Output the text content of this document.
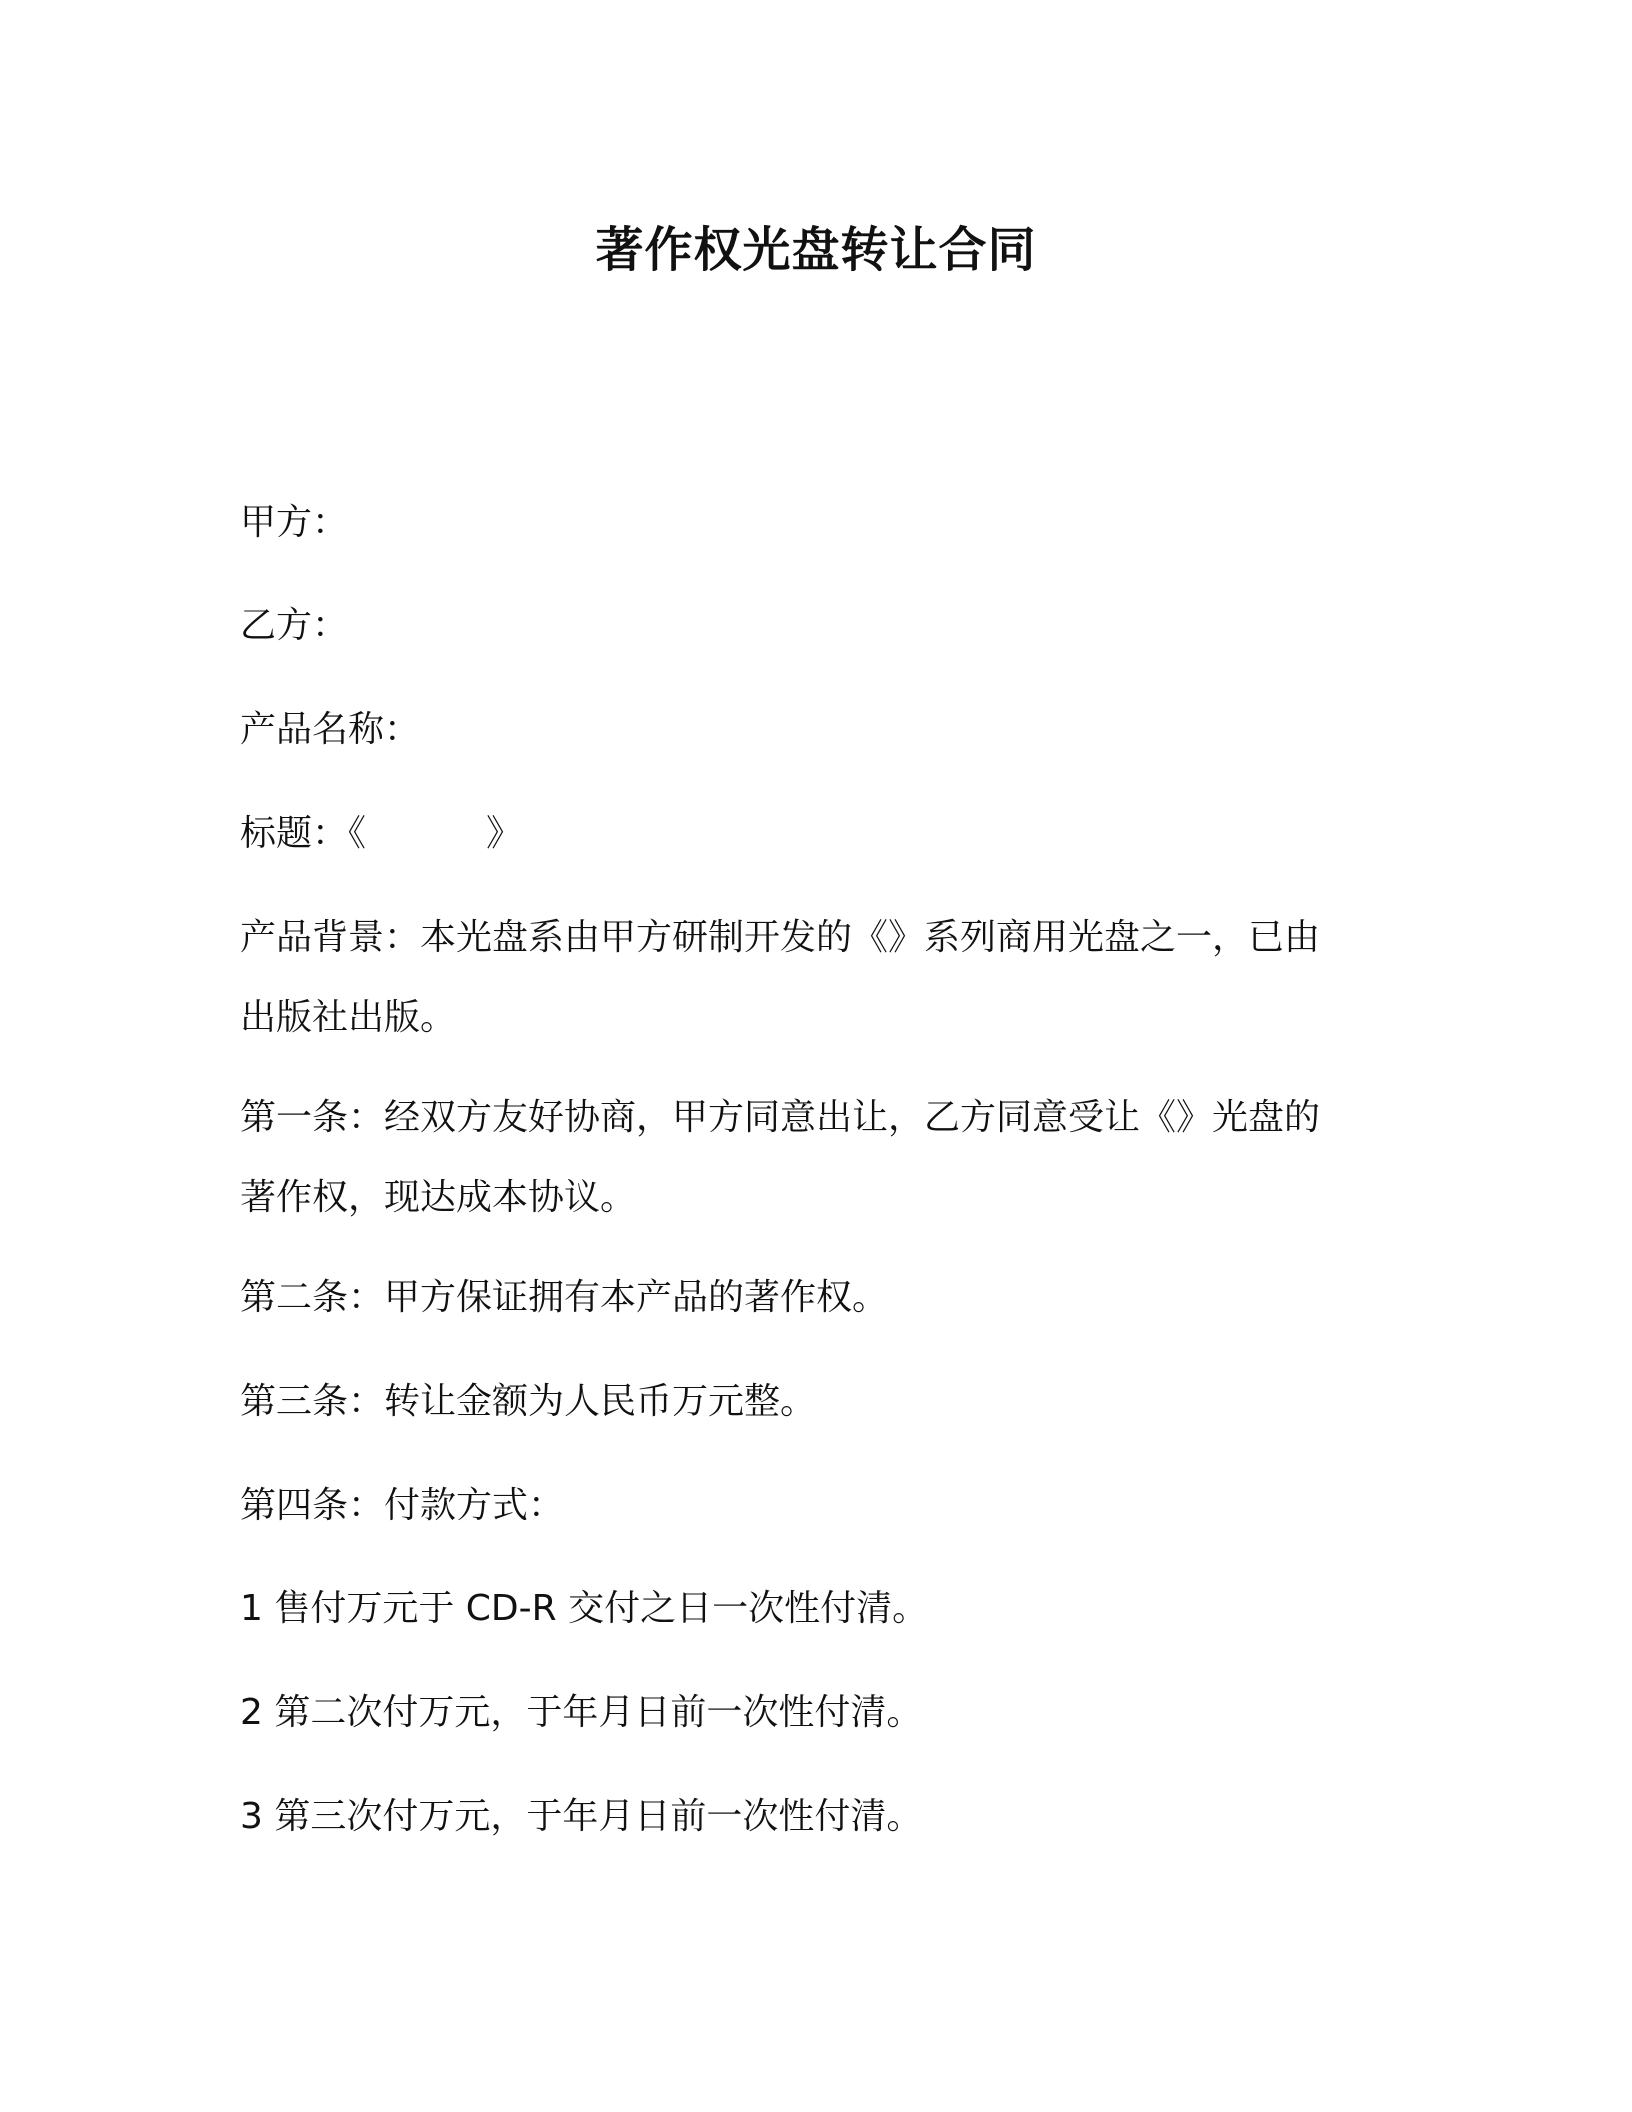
著作权光盘转让合同
甲方：
乙方：
产品名称：
标题：《	》
产品背景：本光盘系由甲方研制开发的《》系列商用光盘之一，已由
出版社出版。
第一条：经双方友好协商，甲方同意出让，乙方同意受让《》光盘的
著作权，现达成本协议。
第二条：甲方保证拥有本产品的著作权。
第三条：转让金额为人民币万元整。
第四条：付款方式：
1 售付万元于 CD-R 交付之日一次性付清。
2 第二次付万元，于年月日前一次性付清。
3 第三次付万元，于年月日前一次性付清。
